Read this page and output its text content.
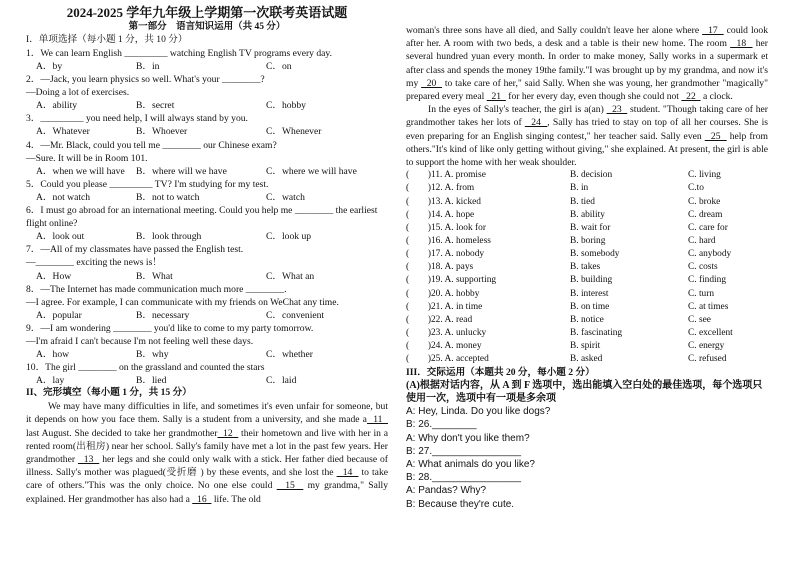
2024-2025 学年九年级上学期第一次联考英语试题
第一部分　语言知识运用（共 45 分）
I．单项选择（每小题 1 分，共 10 分）
1．We can learn English _________ watching English TV programs every day.
A．by	B．in	C．on
2．—Jack, you learn physics so well. What's your ________?
—Doing a lot of exercises.
A．ability	B．secret	C．hobby
3．_________ you need help, I will always stand by you.
A．Whatever	B．Whoever	C．Whenever
4．—Mr. Black, could you tell me ________ our Chinese exam?
—Sure. It will be in Room 101.
A．when we will have	B．where will we have	C．where we will have
5．Could you please _________ TV? I'm studying for my test.
A．not watch	B．not to watch	C．watch
6．I must go abroad for an international meeting. Could you help me ________ the earliest
flight online?
A．look out	B．look through	C．look up
7．—All of my classmates have passed the English test.
—________ exciting the news is！
A．How	B．What	C．What an
8．—The Internet has made communication much more ________.
—I agree. For example, I can communicate with my friends on WeChat any time.
A．popular	B．necessary	C．convenient
9．—I am wondering ________ you'd like to come to my party tomorrow.
—I'm afraid I can't because I'm not feeling well these days.
A．how	B．why	C．whether
10．The girl ________ on the grassland and counted the stars
A．lay	B．lied	C．laid
II、完形填空（每小题 1 分，共 15 分）
We may have many difficulties in life, and sometimes it's even unfair for someone, but it depends on how you face them. Sally is a student from a university, and she made a  11   last August. She decided to take her grandmother  12   their hometown and live with her in a rented room(出租房) near her school. Sally's family have met a lot in the past few years. Her grandmother   13   her legs and she could only walk with a stick. Her father died because of illness. Sally's mother was plagued(受折磨 ) by these events, and she lost the   14   to take care of others."This was the only choice. No one else could   15   my grandma," Sally explained. Her grandmother has also had a   16   life. The old
woman's three sons have all died, and Sally couldn't leave her alone where   17   could look after her. A room with two beds, a desk and a table is their new home. The room   18   her several hundred yuan every month. In order to make money, Sally works in a supermark et after class and spends the money 19the family."I was brought up by my grandma, and now it's my   20   to take care of her," said Sally. When she was young, her grandmother "magically" prepared every meal   21   for her every day, even though she could not   22   a clock.
In the eyes of Sally's teacher, the girl is a(an)   23   student. "Though taking care of her grandmother takes her lots of   24  , Sally has tried to stay on top of all her courses. She is even preparing for an English singing contest," her teacher said. Sally even   25   help from others."It's kind of like only getting without giving," she explained. At present, the girl is able to support the home with her weak shoulder.
(　　)11. A. promise	B. decision	C. living
(　　)12. A. from	B. in	C.to
(　　)13. A. kicked	B. tied	C. broke
(　　)14. A. hope	B. ability	C. dream
(　　)15. A. look for	B. wait for	C. care for
(　　)16. A. homeless	B. boring	C. hard
(　　)17. A. nobody	B. somebody	C. anybody
(　　)18. A. pays	B. takes	C. costs
(　　)19. A. supporting	B. building	C. finding
(　　)20. A. hobby	B. interest	C. turn
(　　)21. A. in time	B. on time	C. at times
(　　)22. A. read	B. notice	C. see
(　　)23. A. unlucky	B. fascinating	C. excellent
(　　)24. A. money	B. spirit	C. energy
(　　)25. A. accepted	B. asked	C. refused
III．交际运用（本题共 20 分，每小题 2 分）
(A)根据对话内容，从 A 到 F 选项中，选出能填入空白处的最佳选项，每个选项只使用一次，选项中有一项是多余项
A: Hey, Linda. Do you like dogs?
B: 26.________
A: Why don't you like them?
B: 27.________________
A: What animals do you like?
B: 28.________________
A: Pandas? Why?
B: Because they're cute.
